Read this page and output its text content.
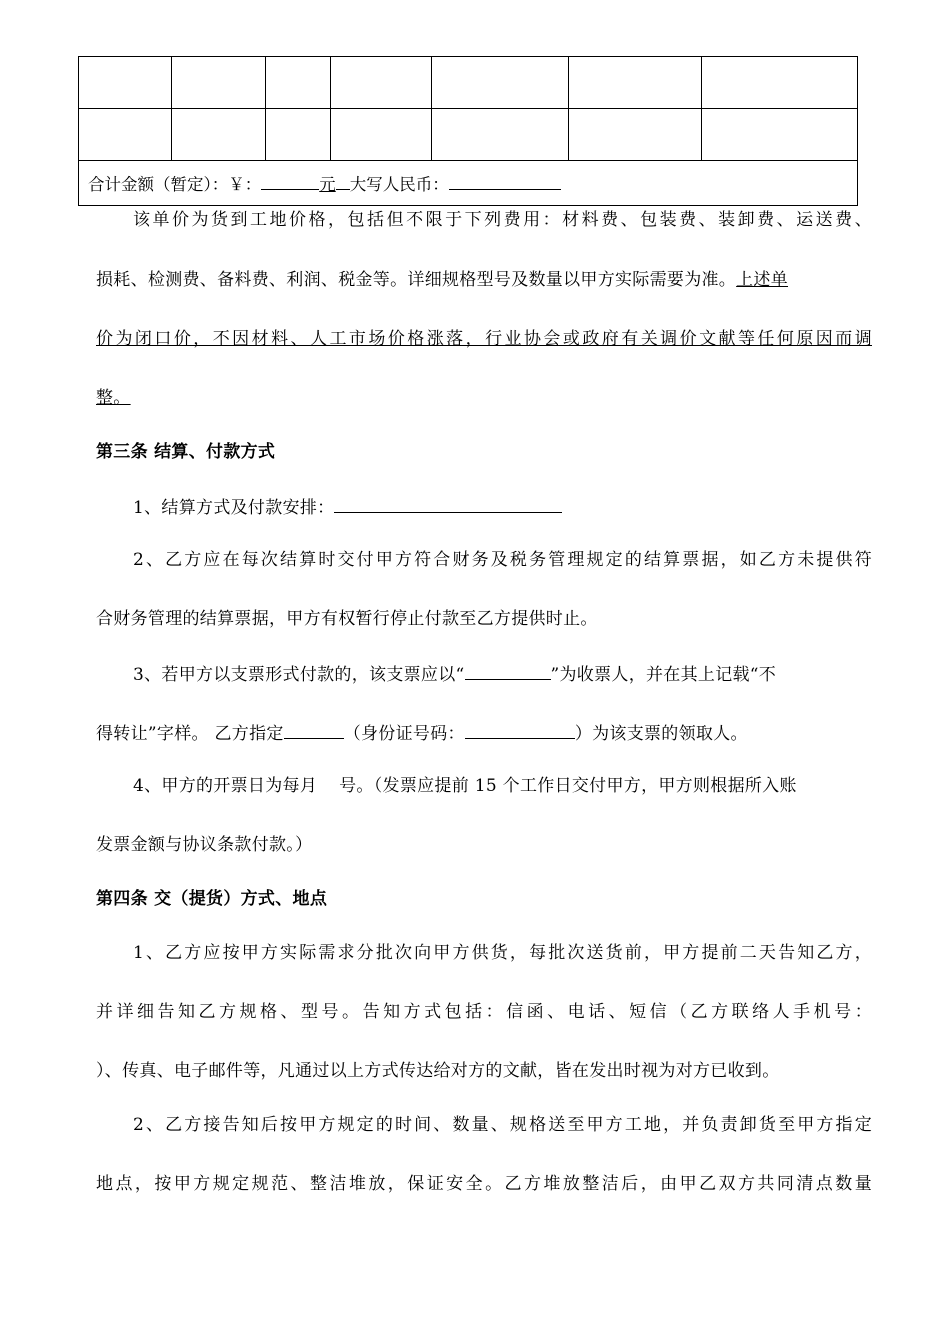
合计金额（暂定）：￥： 元 大写人民币：						
该单价为货到工地价格，包括但不限于下列费用：材料费、包装费、装卸费、运送费、
损耗、检测费、备料费、利润、税金等。详细规格型号及数量以甲方实际需要为准。上述单
价为闭口价，不因材料、人工市场价格涨落，行业协会或政府有关调价文献等任何原因而调
整。
第三条 结算、付款方式
1、结算方式及付款安排：
2、乙方应在每次结算时交付甲方符合财务及税务管理规定的结算票据，如乙方未提供符
合财务管理的结算票据，甲方有权暂行停止付款至乙方提供时止。
3、若甲方以支票形式付款的，该支票应以“	”为收票人，并在其上记载“不
得转让”字样。 乙方指定	（身份证号码：	）为该支票的领取人。
4、甲方的开票日为每月 号。（发票应提前 15 个工作日交付甲方，甲方则根据所入账
发票金额与协议条款付款。）
第四条 交（提货）方式、地点
1、乙方应按甲方实际需求分批次向甲方供货，每批次送货前，甲方提前二天告知乙方，
并详细告知乙方规格、型号。告知方式包括：信函、电话、短信（乙方联络人手机号：
）、传真、电子邮件等，凡通过以上方式传达给对方的文献，皆在发出时视为对方已收到。
2、乙方接告知后按甲方规定的时间、数量、规格送至甲方工地，并负责卸货至甲方指定
地点，按甲方规定规范、整洁堆放，保证安全。乙方堆放整洁后，由甲乙双方共同清点数量
